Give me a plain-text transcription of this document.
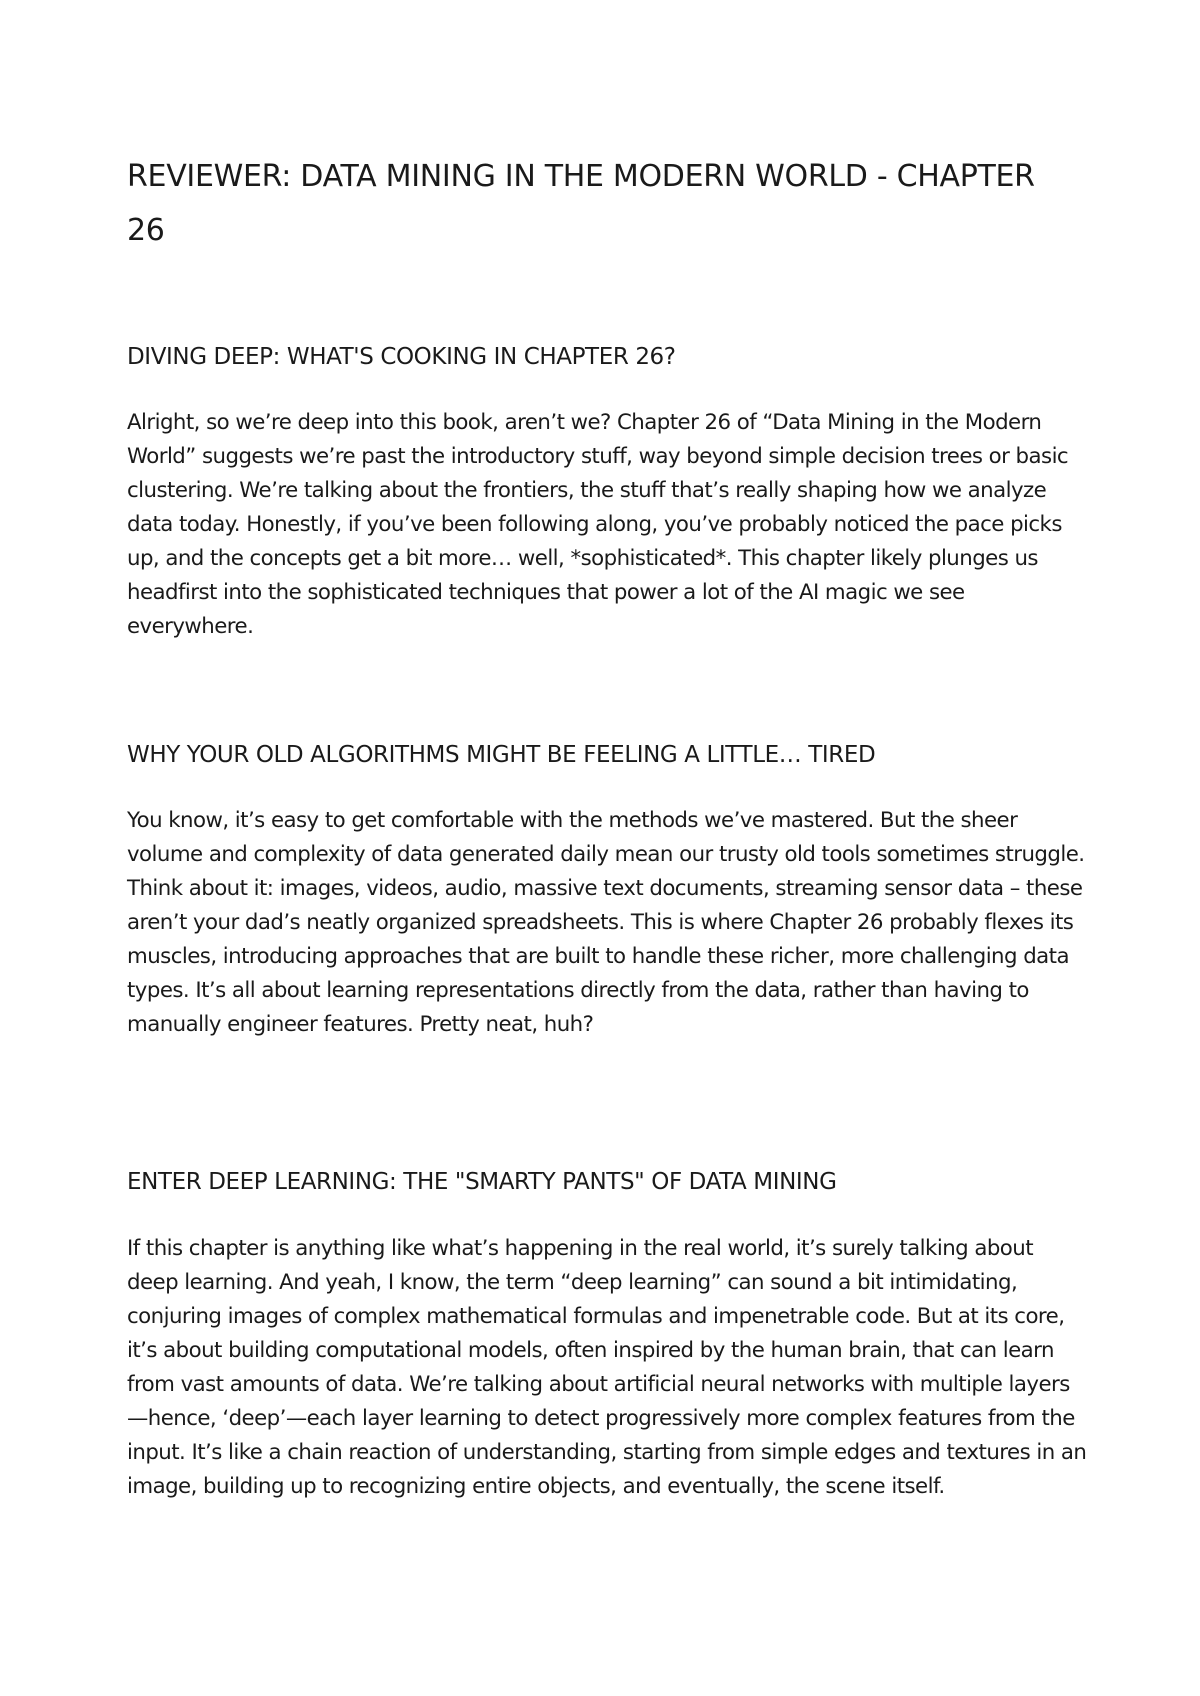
REVIEWER: DATA MINING IN THE MODERN WORLD - CHAPTER 26
DIVING DEEP: WHAT'S COOKING IN CHAPTER 26?

Alright, so we’re deep into this book, aren’t we? Chapter 26 of “Data Mining in the Modern World” suggests we’re past the introductory stuff, way beyond simple decision trees or basic clustering. We’re talking about the frontiers, the stuff that’s really shaping how we analyze data today. Honestly, if you’ve been following along, you’ve probably noticed the pace picks up, and the concepts get a bit more… well, *sophisticated*. This chapter likely plunges us headfirst into the sophisticated techniques that power a lot of the AI magic we see everywhere.

WHY YOUR OLD ALGORITHMS MIGHT BE FEELING A LITTLE… TIRED

You know, it’s easy to get comfortable with the methods we’ve mastered. But the sheer volume and complexity of data generated daily mean our trusty old tools sometimes struggle. Think about it: images, videos, audio, massive text documents, streaming sensor data – these aren’t your dad’s neatly organized spreadsheets. This is where Chapter 26 probably flexes its muscles, introducing approaches that are built to handle these richer, more challenging data types. It’s all about learning representations directly from the data, rather than having to manually engineer features. Pretty neat, huh?

ENTER DEEP LEARNING: THE "SMARTY PANTS" OF DATA MINING

If this chapter is anything like what’s happening in the real world, it’s surely talking about deep learning. And yeah, I know, the term “deep learning” can sound a bit intimidating, conjuring images of complex mathematical formulas and impenetrable code. But at its core, it’s about building computational models, often inspired by the human brain, that can learn from vast amounts of data. We’re talking about artificial neural networks with multiple layers—hence, ‘deep’—each layer learning to detect progressively more complex features from the input. It’s like a chain reaction of understanding, starting from simple edges and textures in an image, building up to recognizing entire objects, and eventually, the scene itself.
